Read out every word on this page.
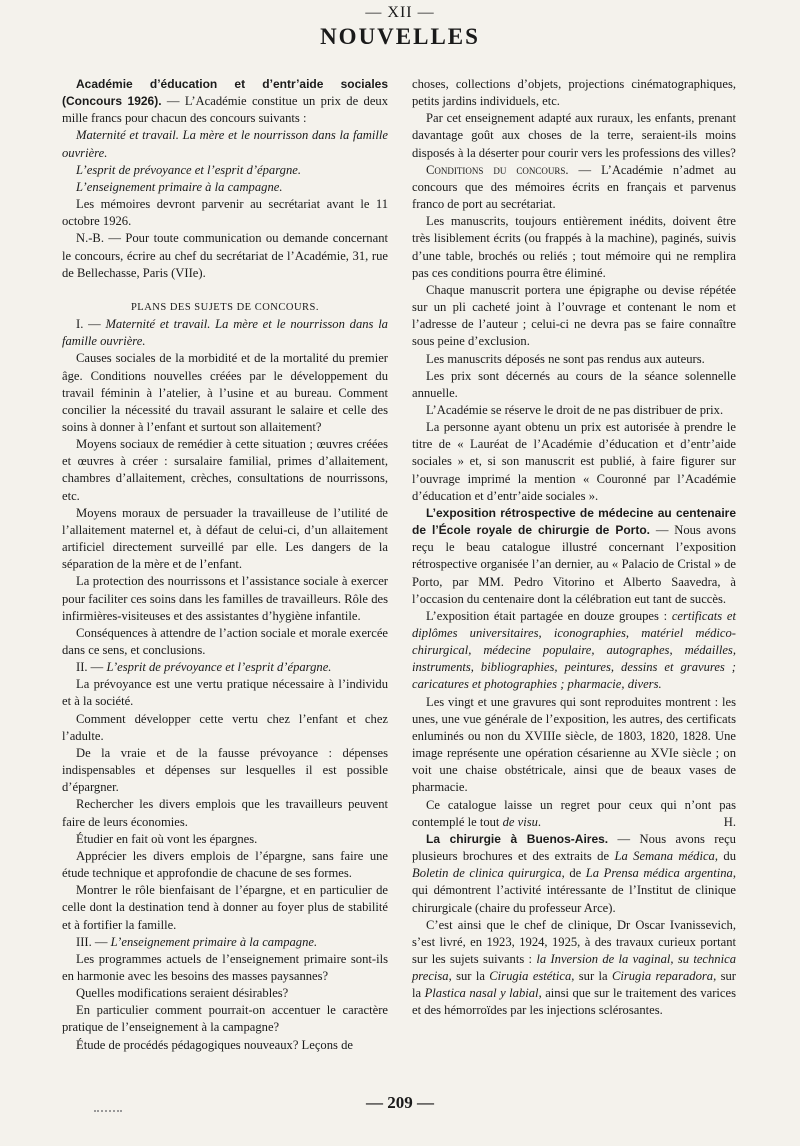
— XII —
NOUVELLES

Académie d’éducation et d’entr’aide sociales (Concours 1926). — L’Académie constitue un prix de deux mille francs pour chacun des concours suivants :

Maternité et travail. La mère et le nourrisson dans la famille ouvrière.

L’esprit de prévoyance et l’esprit d’épargne.

L’enseignement primaire à la campagne.

Les mémoires devront parvenir au secrétariat avant le 11 octobre 1926.

N.-B. — Pour toute communication ou demande concernant le concours, écrire au chef du secrétariat de l’Académie, 31, rue de Bellechasse, Paris (VIIe).

PLANS DES SUJETS DE CONCOURS.

I. — Maternité et travail. La mère et le nourrisson dans la famille ouvrière.

Causes sociales de la morbidité et de la mortalité du premier âge. Conditions nouvelles créées par le développement du travail féminin à l’atelier, à l’usine et au bureau. Comment concilier la nécessité du travail assurant le salaire et celle des soins à donner à l’enfant et surtout son allaitement?

Moyens sociaux de remédier à cette situation ; œuvres créées et œuvres à créer : sursalaire familial, primes d’allaitement, chambres d’allaitement, crèches, consultations de nourrissons, etc.

Moyens moraux de persuader la travailleuse de l’utilité de l’allaitement maternel et, à défaut de celui-ci, d’un allaitement artificiel directement surveillé par elle. Les dangers de la séparation de la mère et de l’enfant.

La protection des nourrissons et l’assistance sociale à exercer pour faciliter ces soins dans les familles de travailleurs. Rôle des infirmières-visiteuses et des assistantes d’hygiène infantile.

Conséquences à attendre de l’action sociale et morale exercée dans ce sens, et conclusions.

II. — L’esprit de prévoyance et l’esprit d’épargne.

La prévoyance est une vertu pratique nécessaire à l’individu et à la société.

Comment développer cette vertu chez l’enfant et chez l’adulte.

De la vraie et de la fausse prévoyance : dépenses indispensables et dépenses sur lesquelles il est possible d’épargner.

Rechercher les divers emplois que les travailleurs peuvent faire de leurs économies.

Étudier en fait où vont les épargnes.

Apprécier les divers emplois de l’épargne, sans faire une étude technique et approfondie de chacune de ses formes.

Montrer le rôle bienfaisant de l’épargne, et en particulier de celle dont la destination tend à donner au foyer plus de stabilité et à fortifier la famille.

III. — L’enseignement primaire à la campagne.

Les programmes actuels de l’enseignement primaire sont-ils en harmonie avec les besoins des masses paysannes?

Quelles modifications seraient désirables?

En particulier comment pourrait-on accentuer le caractère pratique de l’enseignement à la campagne?

Étude de procédés pédagogiques nouveaux? Leçons de

choses, collections d’objets, projections cinématographiques, petits jardins individuels, etc.

Par cet enseignement adapté aux ruraux, les enfants, prenant davantage goût aux choses de la terre, seraient-ils moins disposés à la déserter pour courir vers les professions des villes?

Conditions du concours. — L’Académie n’admet au concours que des mémoires écrits en français et parvenus franco de port au secrétariat.

Les manuscrits, toujours entièrement inédits, doivent être très lisiblement écrits (ou frappés à la machine), paginés, suivis d’une table, brochés ou reliés ; tout mémoire qui ne remplira pas ces conditions pourra être éliminé.

Chaque manuscrit portera une épigraphe ou devise répétée sur un pli cacheté joint à l’ouvrage et contenant le nom et l’adresse de l’auteur ; celui-ci ne devra pas se faire connaître sous peine d’exclusion.

Les manuscrits déposés ne sont pas rendus aux auteurs.

Les prix sont décernés au cours de la séance solennelle annuelle.

L’Académie se réserve le droit de ne pas distribuer de prix.

La personne ayant obtenu un prix est autorisée à prendre le titre de « Lauréat de l’Académie d’éducation et d’entr’aide sociales » et, si son manuscrit est publié, à faire figurer sur l’ouvrage imprimé la mention « Couronné par l’Académie d’éducation et d’entr’aide sociales ».

L’exposition rétrospective de médecine au centenaire de l’École royale de chirurgie de Porto. — Nous avons reçu le beau catalogue illustré concernant l’exposition rétrospective organisée l’an dernier, au « Palacio de Cristal » de Porto, par MM. Pedro Vitorino et Alberto Saavedra, à l’occasion du centenaire dont la célébration eut tant de succès.

L’exposition était partagée en douze groupes : certificats et diplômes universitaires, iconographies, matériel médico-chirurgical, médecine populaire, autographes, médailles, instruments, bibliographies, peintures, dessins et gravures ; caricatures et photographies ; pharmacie, divers.

Les vingt et une gravures qui sont reproduites montrent : les unes, une vue générale de l’exposition, les autres, des certificats enluminés ou non du XVIIIe siècle, de 1803, 1820, 1828. Une image représente une opération césarienne au XVIe siècle ; on voit une chaise obstétricale, ainsi que de beaux vases de pharmacie.

Ce catalogue laisse un regret pour ceux qui n’ont pas contemplé le tout de visu.	H.

La chirurgie à Buenos-Aires. — Nous avons reçu plusieurs brochures et des extraits de La Semana médica, du Boletin de clinica quirurgica, de La Prensa médica argentina, qui démontrent l’activité intéressante de l’Institut de clinique chirurgicale (chaire du professeur Arce).

C’est ainsi que le chef de clinique, Dr Oscar Ivanissevich, s’est livré, en 1923, 1924, 1925, à des travaux curieux portant sur les sujets suivants : la Inversion de la vaginal, su technica precisa, sur la Cirugia estética, sur la Cirugia reparadora, sur la Plastica nasal y labial, ainsi que sur le traitement des varices et des hémorroïdes par les injections sclérosantes.

— 209 —
